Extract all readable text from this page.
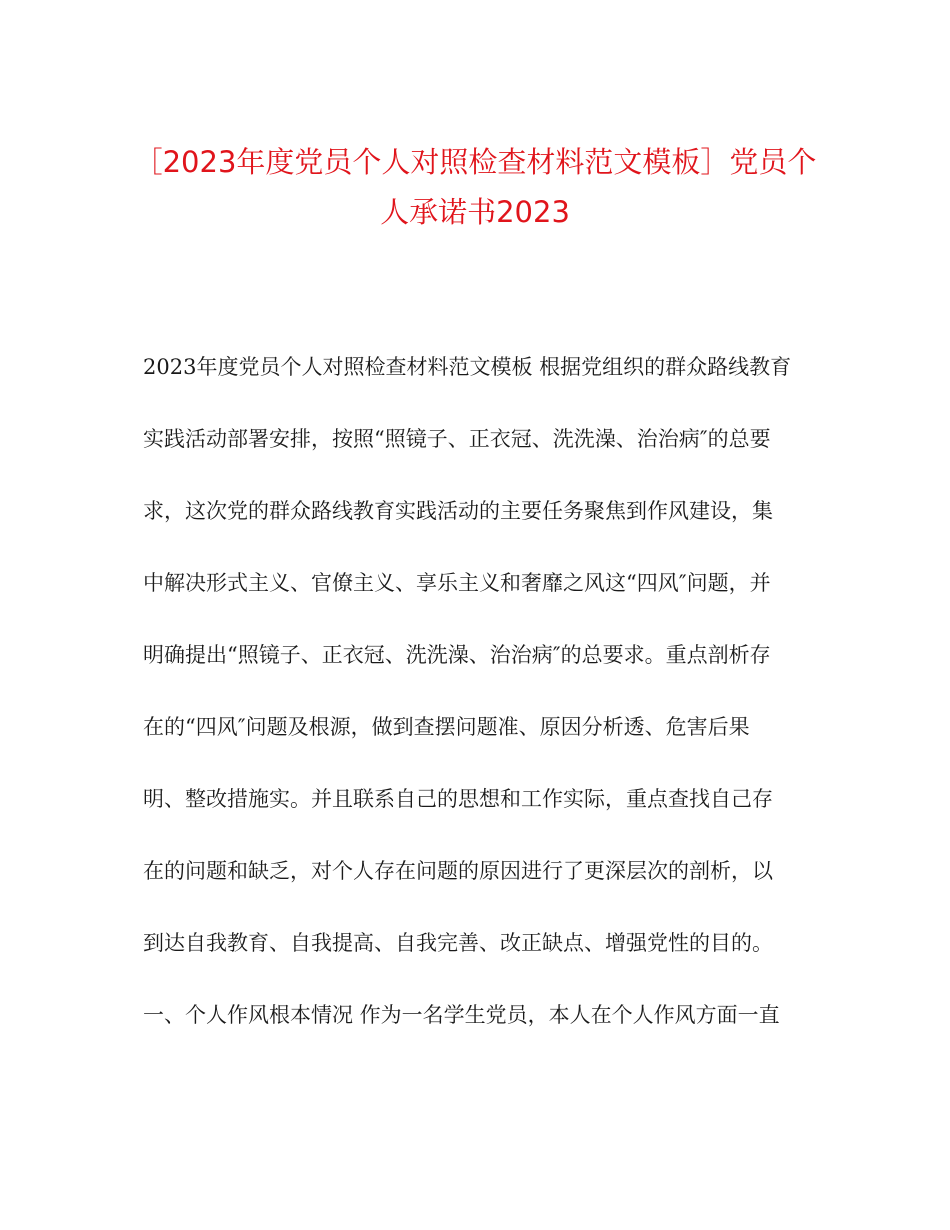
［2023年度党员个人对照检查材料范文模板］党员个
人承诺书2023
2023年度党员个人对照检查材料范文模板 根据党组织的群众路线教育
实践活动部署安排，按照“照镜子、正衣冠、洗洗澡、治治病″的总要
求，这次党的群众路线教育实践活动的主要任务聚焦到作风建设，集
中解决形式主义、官僚主义、享乐主义和奢靡之风这“四风″问题，并
明确提出“照镜子、正衣冠、洗洗澡、治治病″的总要求。重点剖析存
在的“四风″问题及根源，做到查摆问题准、原因分析透、危害后果
明、整改措施实。并且联系自己的思想和工作实际，重点查找自己存
在的问题和缺乏，对个人存在问题的原因进行了更深层次的剖析，以
到达自我教育、自我提高、自我完善、改正缺点、增强党性的目的。
一、个人作风根本情况 作为一名学生党员，本人在个人作风方面一直
